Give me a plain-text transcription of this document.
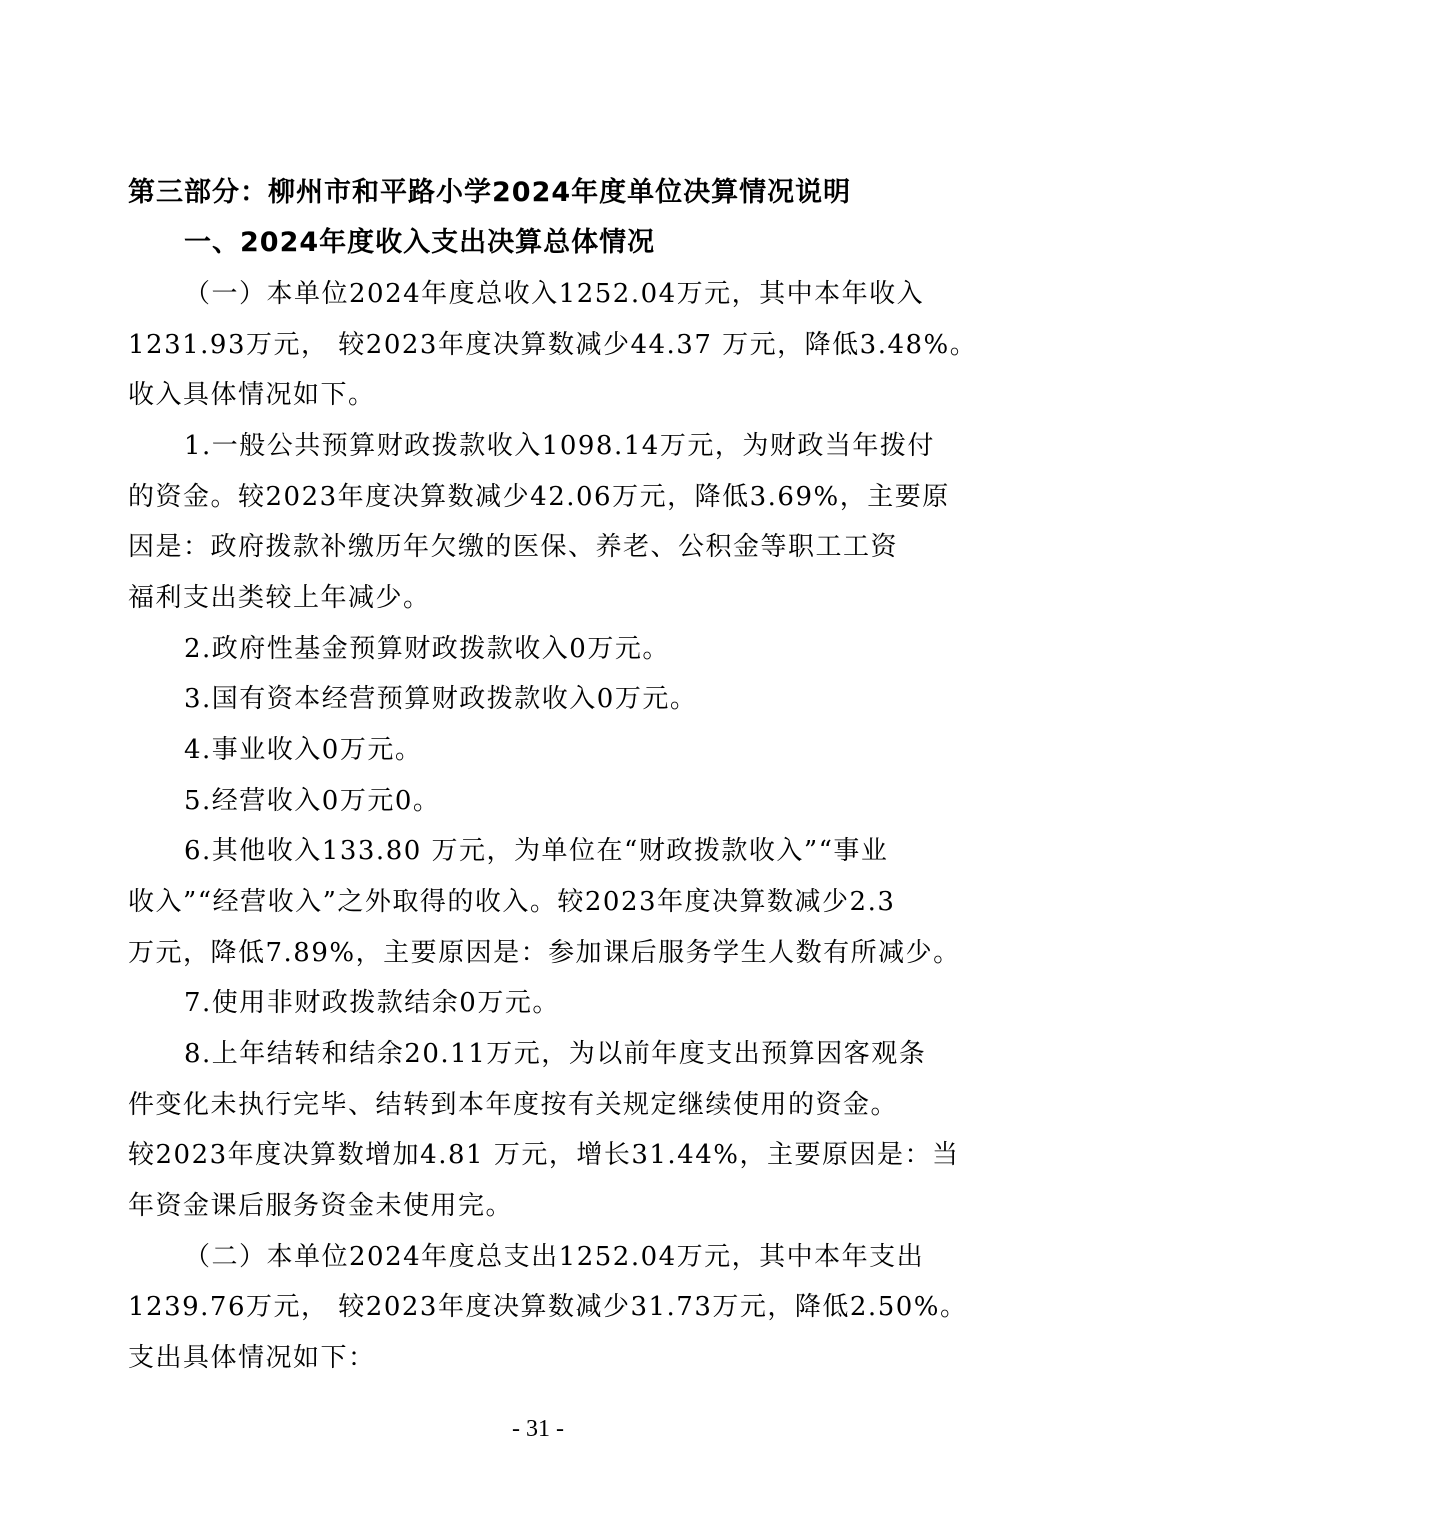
第三部分：柳州市和平路小学2024年度单位决算情况说明
一、2024年度收入支出决算总体情况
（一）本单位2024年度总收入1252.04万元，其中本年收入
1231.93万元， 较2023年度决算数减少44.37 万元，降低3.48%。
收入具体情况如下。
1.一般公共预算财政拨款收入1098.14万元，为财政当年拨付
的资金。较2023年度决算数减少42.06万元，降低3.69%，主要原
因是：政府拨款补缴历年欠缴的医保、养老、公积金等职工工资
福利支出类较上年减少。
2.政府性基金预算财政拨款收入0万元。
3.国有资本经营预算财政拨款收入0万元。
4.事业收入0万元。
5.经营收入0万元0。
6.其他收入133.80 万元，为单位在“财政拨款收入”“事业
收入”“经营收入”之外取得的收入。较2023年度决算数减少2.3
万元，降低7.89%，主要原因是：参加课后服务学生人数有所减少。
7.使用非财政拨款结余0万元。
8.上年结转和结余20.11万元，为以前年度支出预算因客观条
件变化未执行完毕、结转到本年度按有关规定继续使用的资金。
较2023年度决算数增加4.81 万元，增长31.44%，主要原因是：当
年资金课后服务资金未使用完。
（二）本单位2024年度总支出1252.04万元，其中本年支出
1239.76万元， 较2023年度决算数减少31.73万元，降低2.50%。
支出具体情况如下：
- 31 -
